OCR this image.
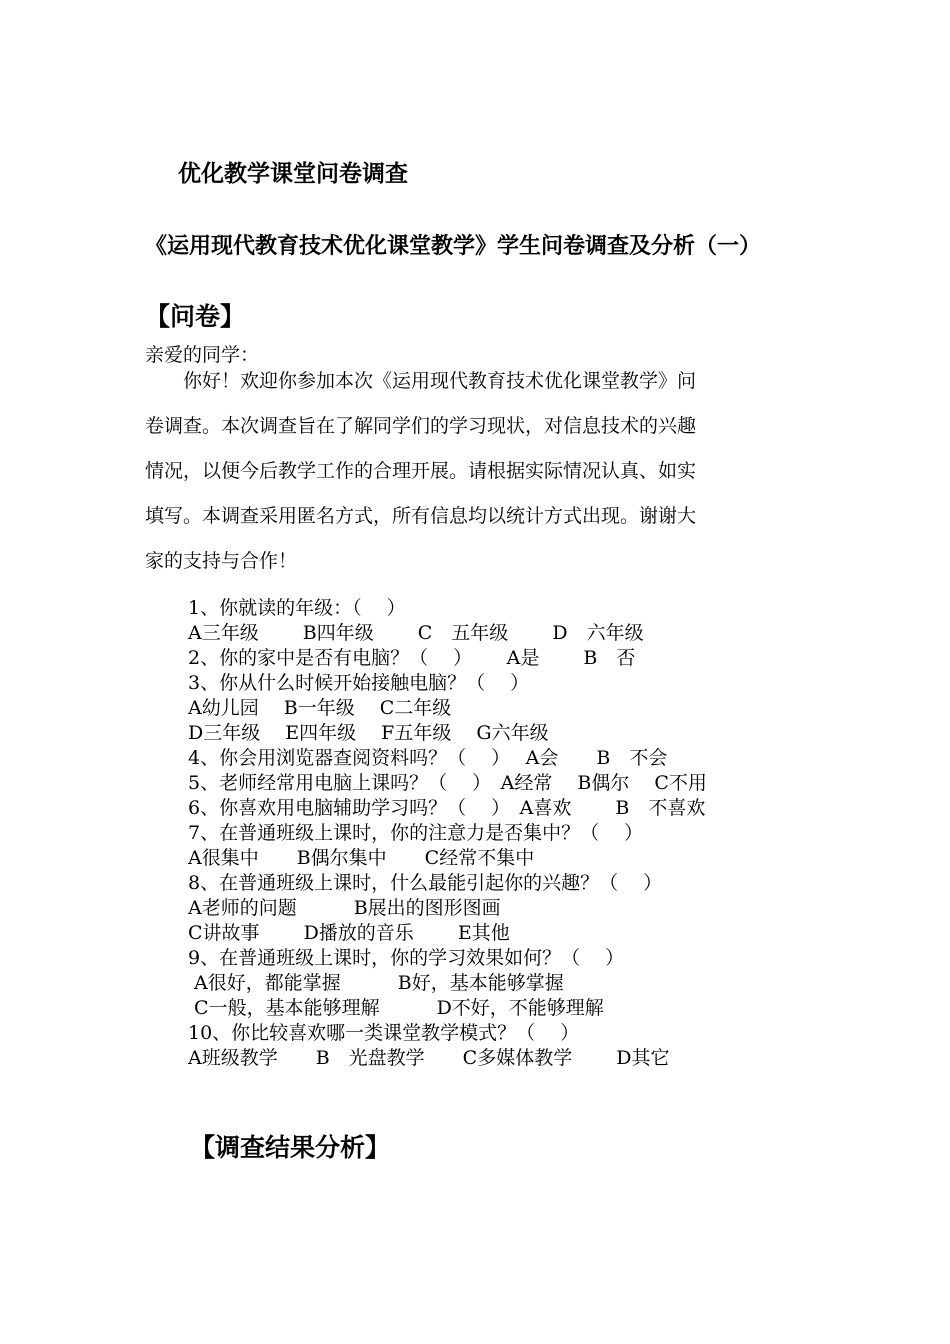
优化教学课堂问卷调查
《运用现代教育技术优化课堂教学》学生问卷调查及分析（一）
【问卷】
亲爱的同学：
　　你好！欢迎你参加本次《运用现代教育技术优化课堂教学》问
卷调查。本次调查旨在了解同学们的学习现状，对信息技术的兴趣
情况，以便今后教学工作的合理开展。请根据实际情况认真、如实
填写。本调查采用匿名方式，所有信息均以统计方式出现。谢谢大
家的支持与合作！
1、你就读的年级：（　 ）
A三年级　　 B四年级　　 C　五年级　　 D　六年级
2、你的家中是否有电脑？（　 ）　　 A是　　 B　否
3、你从什么时候开始接触电脑？（　 ）
A幼儿园　 B一年级　 C二年级
D三年级　 E四年级　 F五年级　 G六年级
4、你会用浏览器查阅资料吗？（　 ）　 A会　　B　不会
5、老师经常用电脑上课吗？（　 ）　A经常　 B偶尔　 C不用
6、你喜欢用电脑辅助学习吗？（　 ）　A喜欢　　 B　不喜欢
7、在普通班级上课时，你的注意力是否集中？（　 ）
A很集中　　B偶尔集中　　C经常不集中
8、在普通班级上课时，什么最能引起你的兴趣？（　 ）
A老师的问题　　　B展出的图形图画
C讲故事　　 D播放的音乐　　 E其他
9、在普通班级上课时，你的学习效果如何？（　 ）
A很好，都能掌握　　　B好，基本能够掌握
C一般，基本能够理解　　　D不好，不能够理解
10、你比较喜欢哪一类课堂教学模式？（　 ）
A班级教学　　B　光盘教学　　C多媒体教学　　 D其它
【调查结果分析】
